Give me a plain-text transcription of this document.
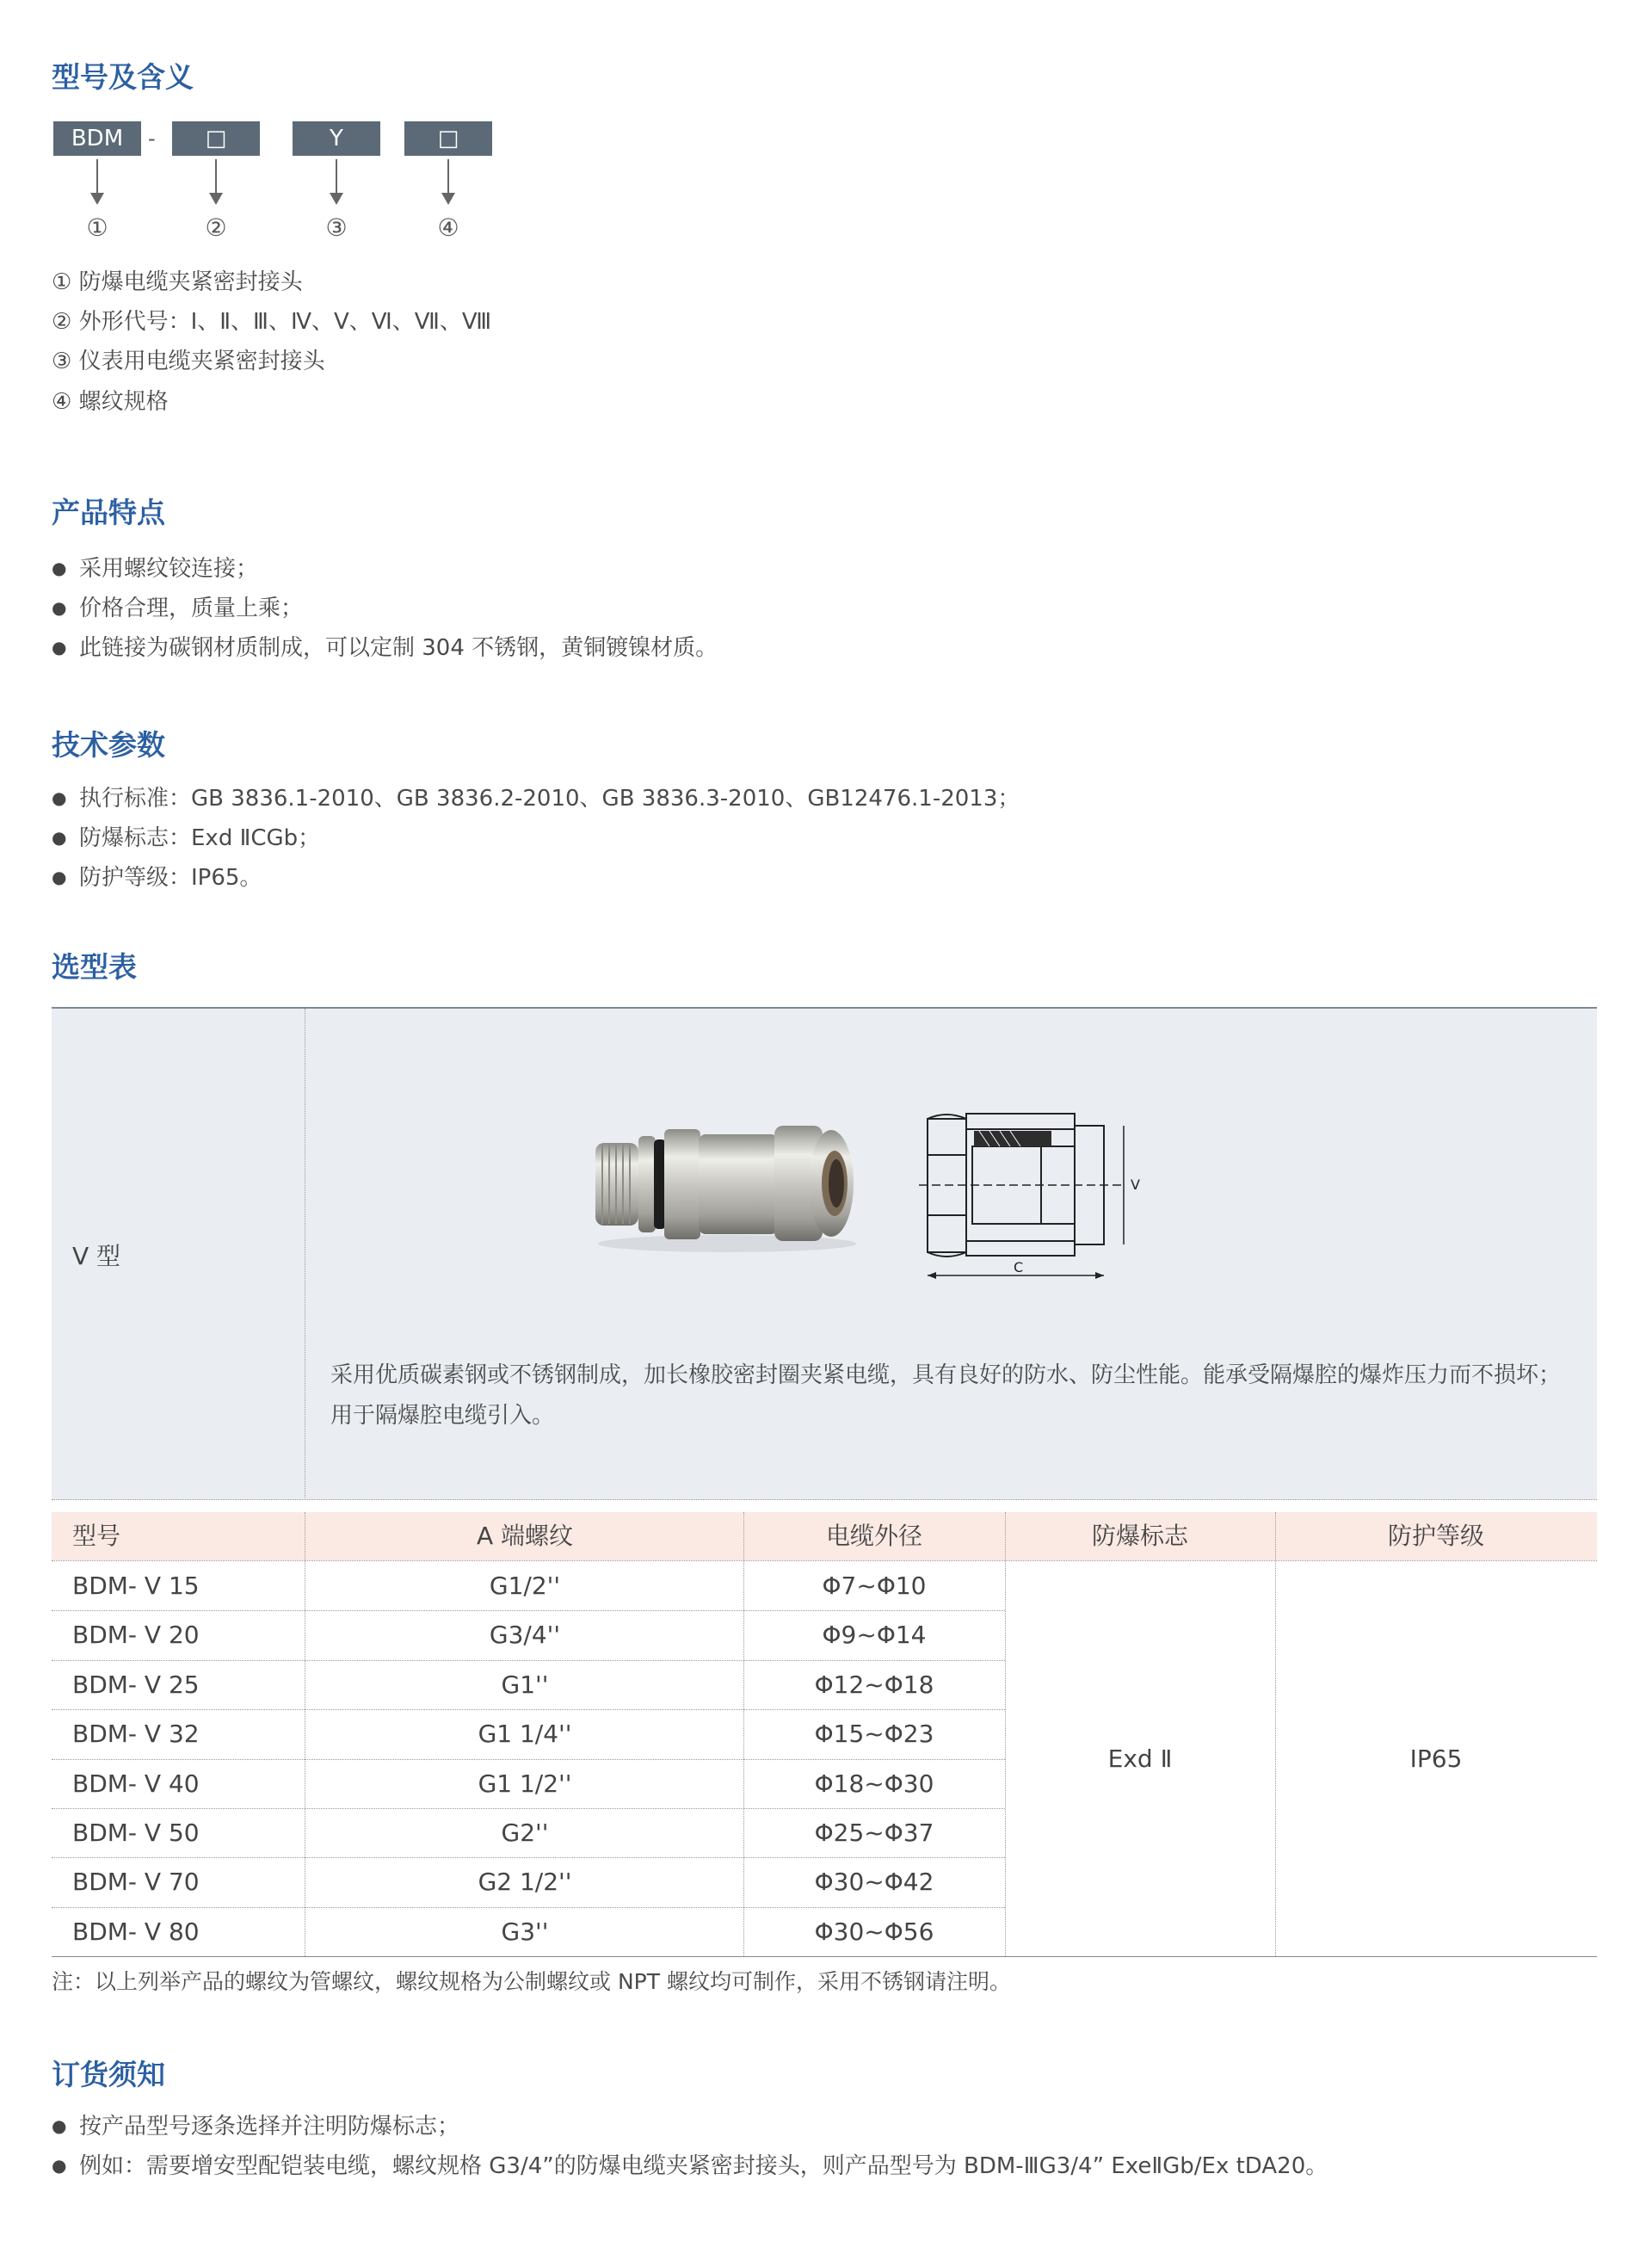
型号及含义
BDM	-	□	Y	□
①	②	③	④
① 防爆电缆夹紧密封接头
② 外形代号：Ⅰ、Ⅱ、Ⅲ、Ⅳ、Ⅴ、Ⅵ、Ⅶ、Ⅷ
③ 仪表用电缆夹紧密封接头
④ 螺纹规格
产品特点
● 采用螺纹铰连接；
● 价格合理，质量上乘；
● 此链接为碳钢材质制成，可以定制 304 不锈钢，黄铜镀镍材质。
技术参数
● 执行标准：GB 3836.1-2010、GB 3836.2-2010、GB 3836.3-2010、GB12476.1-2013；
● 防爆标志：Exd ⅡCGb；
● 防护等级：IP65。
选型表
V 型	C
V
采用优质碳素钢或不锈钢制成，加长橡胶密封圈夹紧电缆，具有良好的防水、防尘性能。能承受隔爆腔的爆炸压力而不损坏；
用于隔爆腔电缆引入。
型号	A 端螺纹	电缆外径	防爆标志	防护等级
BDM- V 15	G1/2''	Φ7~Φ10
BDM- V 20	G3/4''	Φ9~Φ14
BDM- V 25	G1''	Φ12~Φ18
BDM- V 32	G1 1/4''	Φ15~Φ23
BDM- V 40	G1 1/2''	Φ18~Φ30
BDM- V 50	G2''	Φ25~Φ37
BDM- V 70	G2 1/2''	Φ30~Φ42
BDM- V 80	G3''	Φ30~Φ56
Exd Ⅱ	IP65
注：以上列举产品的螺纹为管螺纹，螺纹规格为公制螺纹或 NPT 螺纹均可制作，采用不锈钢请注明。
订货须知
● 按产品型号逐条选择并注明防爆标志；
● 例如：需要增安型配铠装电缆，螺纹规格 G3/4”的防爆电缆夹紧密封接头，则产品型号为 BDM-ⅢG3/4” ExeⅡGb/Ex tDA20。
